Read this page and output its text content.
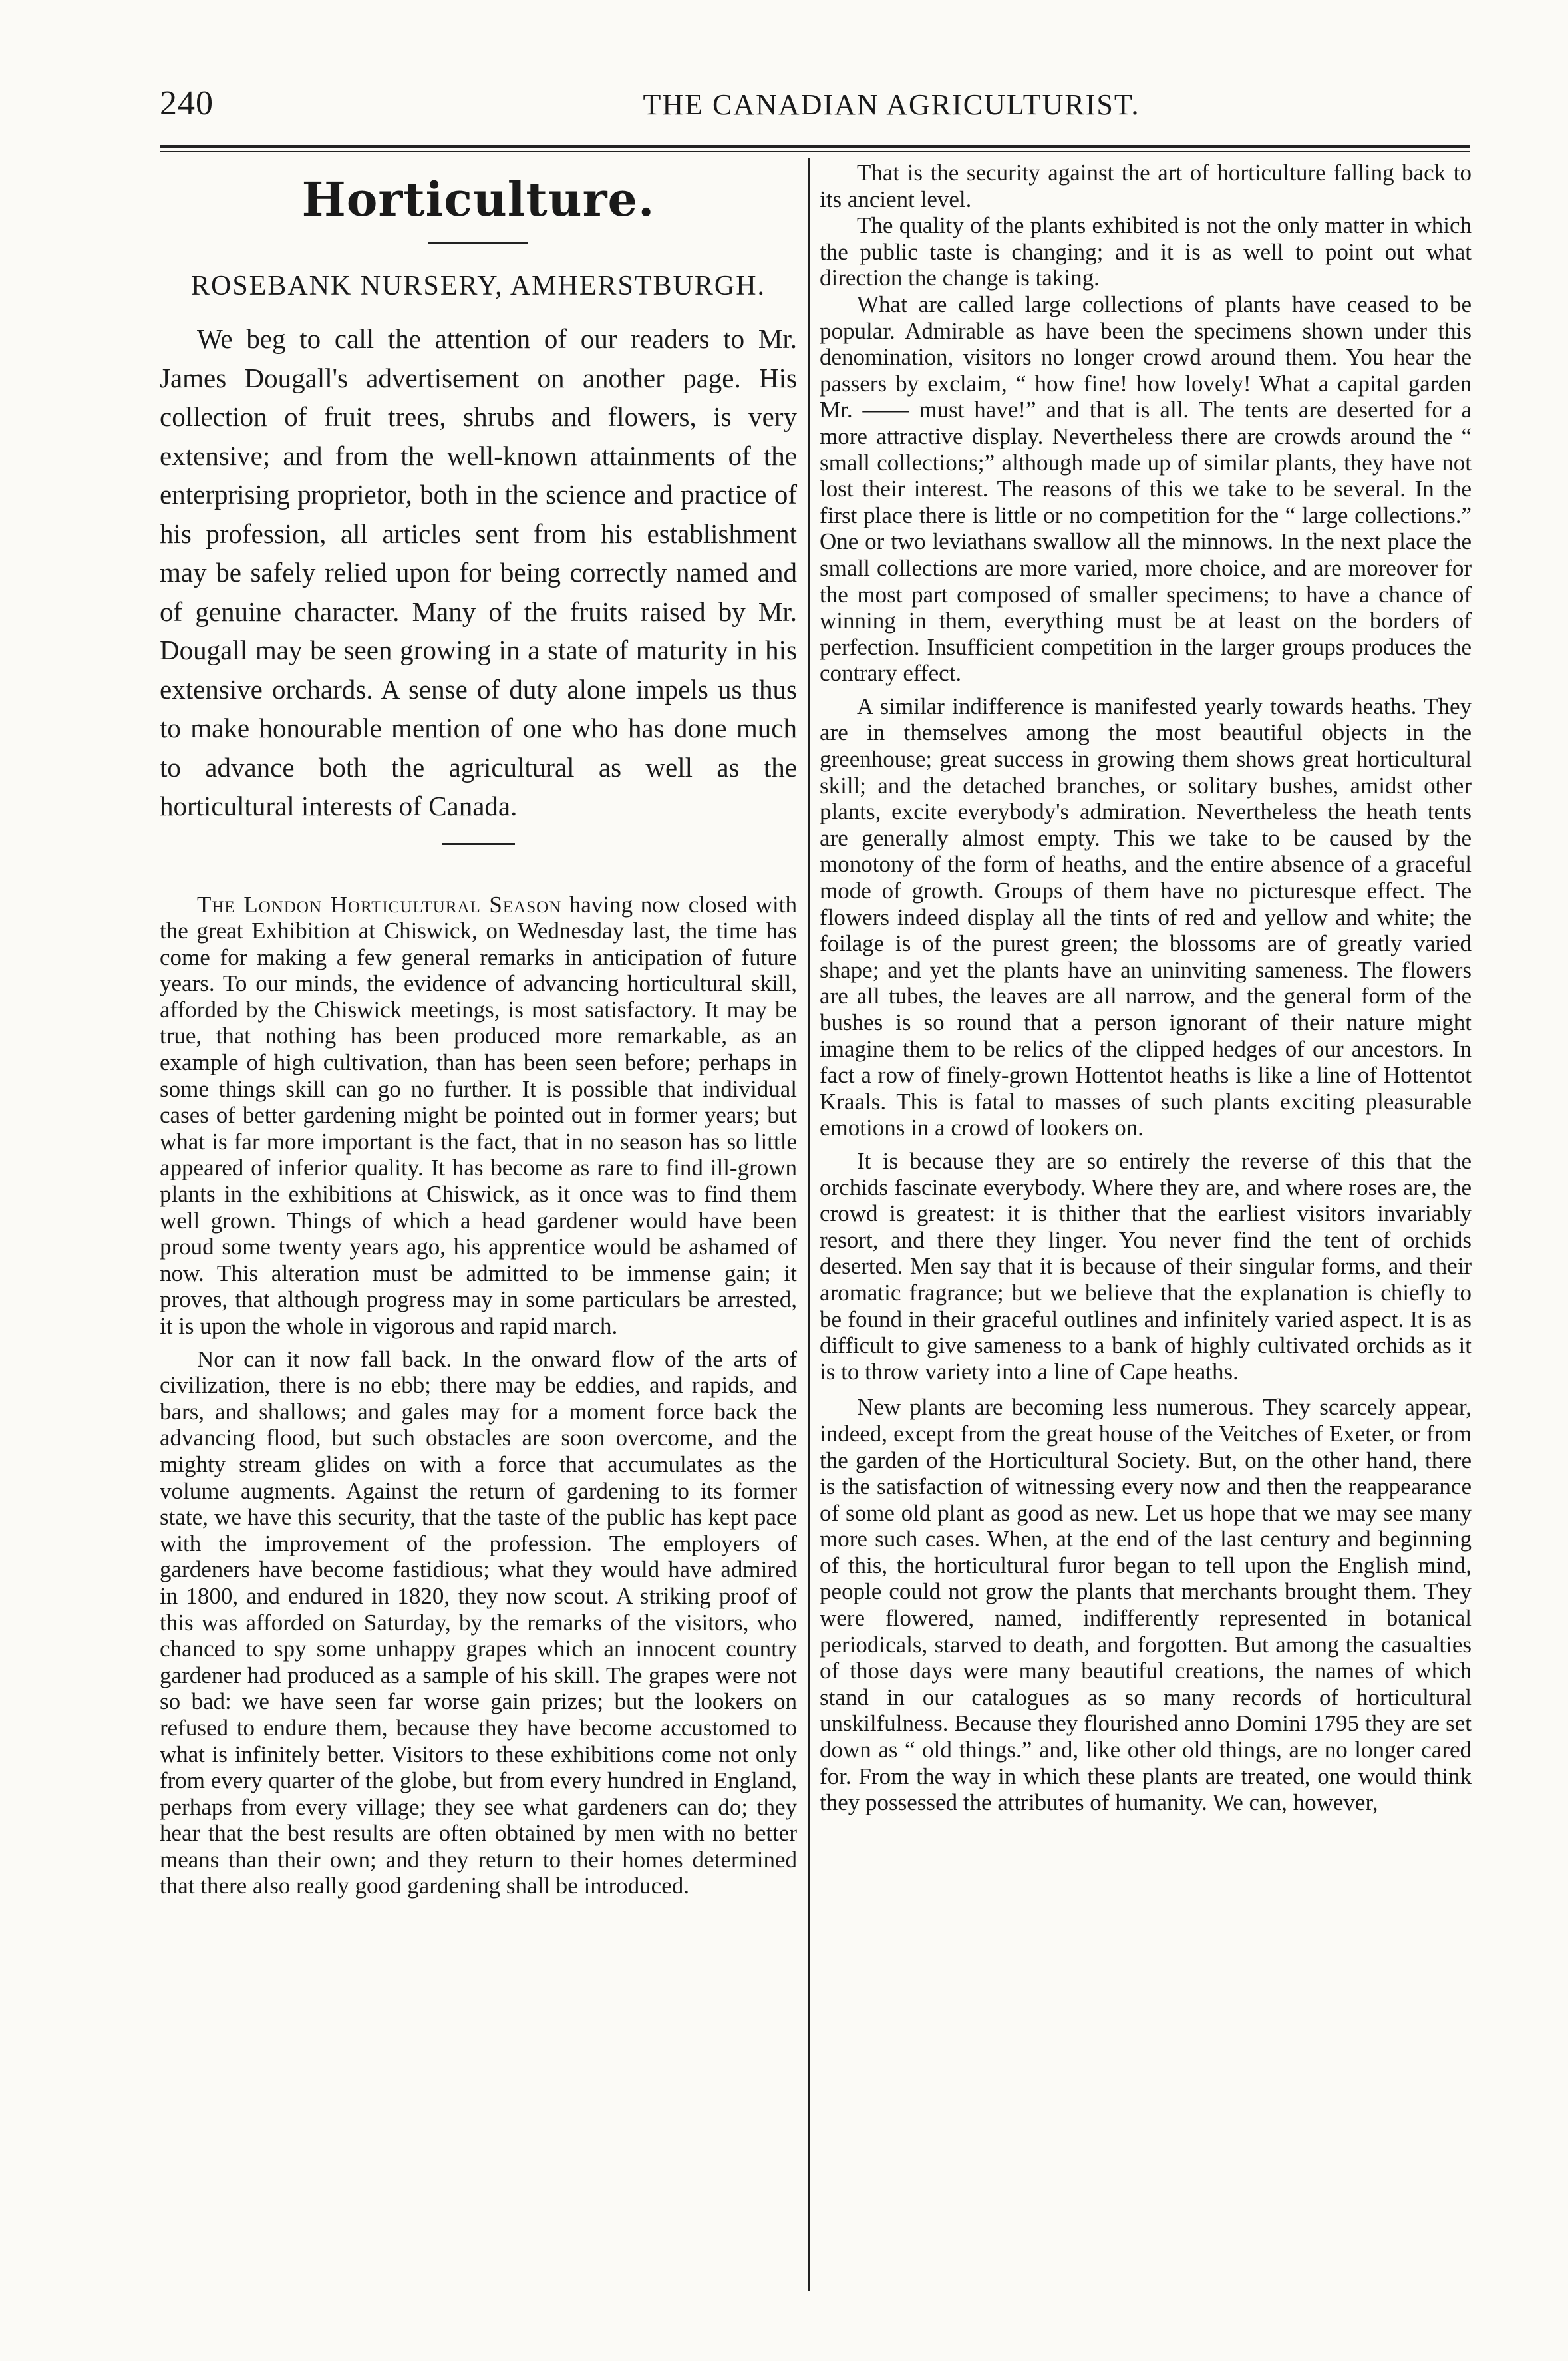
240	THE CANADIAN AGRICULTURIST.
Horticulture.
ROSEBANK NURSERY, AMHERSTBURGH.

We beg to call the attention of our readers to Mr. James Dougall's advertisement on another page. His collection of fruit trees, shrubs and flowers, is very extensive; and from the well-known attainments of the enterprising proprietor, both in the science and practice of his profession, all articles sent from his establishment may be safely relied upon for being correctly named and of genuine character. Many of the fruits raised by Mr. Dougall may be seen growing in a state of maturity in his extensive orchards. A sense of duty alone impels us thus to make honourable mention of one who has done much to advance both the agricultural as well as the horticultural interests of Canada.

The London Horticultural Season having now closed with the great Exhibition at Chiswick, on Wednesday last, the time has come for making a few general remarks in anticipation of future years. To our minds, the evidence of advancing horticultural skill, afforded by the Chiswick meetings, is most satisfactory. It may be true, that nothing has been produced more remarkable, as an example of high cultivation, than has been seen before; perhaps in some things skill can go no further. It is possible that individual cases of better gardening might be pointed out in former years; but what is far more important is the fact, that in no season has so little appeared of inferior quality. It has become as rare to find ill-grown plants in the exhibitions at Chiswick, as it once was to find them well grown. Things of which a head gardener would have been proud some twenty years ago, his apprentice would be ashamed of now. This alteration must be admitted to be immense gain; it proves, that although progress may in some particulars be arrested, it is upon the whole in vigorous and rapid march.

Nor can it now fall back. In the onward flow of the arts of civilization, there is no ebb; there may be eddies, and rapids, and bars, and shallows; and gales may for a moment force back the advancing flood, but such obstacles are soon overcome, and the mighty stream glides on with a force that accumulates as the volume augments. Against the return of gardening to its former state, we have this security, that the taste of the public has kept pace with the improvement of the profession. The employers of gardeners have become fastidious; what they would have admired in 1800, and endured in 1820, they now scout. A striking proof of this was afforded on Saturday, by the remarks of the visitors, who chanced to spy some unhappy grapes which an innocent country gardener had produced as a sample of his skill. The grapes were not so bad: we have seen far worse gain prizes; but the lookers on refused to endure them, because they have become accustomed to what is infinitely better. Visitors to these exhibitions come not only from every quarter of the globe, but from every hundred in England, perhaps from every village; they see what gardeners can do; they hear that the best results are often obtained by men with no better means than their own; and they return to their homes determined that there also really good gardening shall be introduced.

That is the security against the art of horticulture falling back to its ancient level.

The quality of the plants exhibited is not the only matter in which the public taste is changing; and it is as well to point out what direction the change is taking.

What are called large collections of plants have ceased to be popular. Admirable as have been the specimens shown under this denomination, visitors no longer crowd around them. You hear the passers by exclaim, “ how fine! how lovely! What a capital garden Mr. —— must have!” and that is all. The tents are deserted for a more attractive display. Nevertheless there are crowds around the “ small collections;” although made up of similar plants, they have not lost their interest. The reasons of this we take to be several. In the first place there is little or no competition for the “ large collections.” One or two leviathans swallow all the minnows. In the next place the small collections are more varied, more choice, and are moreover for the most part composed of smaller specimens; to have a chance of winning in them, everything must be at least on the borders of perfection. Insufficient competition in the larger groups produces the contrary effect.

A similar indifference is manifested yearly towards heaths. They are in themselves among the most beautiful objects in the greenhouse; great success in growing them shows great horticultural skill; and the detached branches, or solitary bushes, amidst other plants, excite everybody's admiration. Nevertheless the heath tents are generally almost empty. This we take to be caused by the monotony of the form of heaths, and the entire absence of a graceful mode of growth. Groups of them have no picturesque effect. The flowers indeed display all the tints of red and yellow and white; the foilage is of the purest green; the blossoms are of greatly varied shape; and yet the plants have an uninviting sameness. The flowers are all tubes, the leaves are all narrow, and the general form of the bushes is so round that a person ignorant of their nature might imagine them to be relics of the clipped hedges of our ancestors. In fact a row of finely-grown Hottentot heaths is like a line of Hottentot Kraals. This is fatal to masses of such plants exciting pleasurable emotions in a crowd of lookers on.

It is because they are so entirely the reverse of this that the orchids fascinate everybody. Where they are, and where roses are, the crowd is greatest: it is thither that the earliest visitors invariably resort, and there they linger. You never find the tent of orchids deserted. Men say that it is because of their singular forms, and their aromatic fragrance; but we believe that the explanation is chiefly to be found in their graceful outlines and infinitely varied aspect. It is as difficult to give sameness to a bank of highly cultivated orchids as it is to throw variety into a line of Cape heaths.

New plants are becoming less numerous. They scarcely appear, indeed, except from the great house of the Veitches of Exeter, or from the garden of the Horticultural Society. But, on the other hand, there is the satisfaction of witnessing every now and then the reappearance of some old plant as good as new. Let us hope that we may see many more such cases. When, at the end of the last century and beginning of this, the horticultural furor began to tell upon the English mind, people could not grow the plants that merchants brought them. They were flowered, named, indifferently represented in botanical periodicals, starved to death, and forgotten. But among the casualties of those days were many beautiful creations, the names of which stand in our catalogues as so many records of horticultural unskilfulness. Because they flourished anno Domini 1795 they are set down as “ old things.” and, like other old things, are no longer cared for. From the way in which these plants are treated, one would think they possessed the attributes of humanity. We can, however,
